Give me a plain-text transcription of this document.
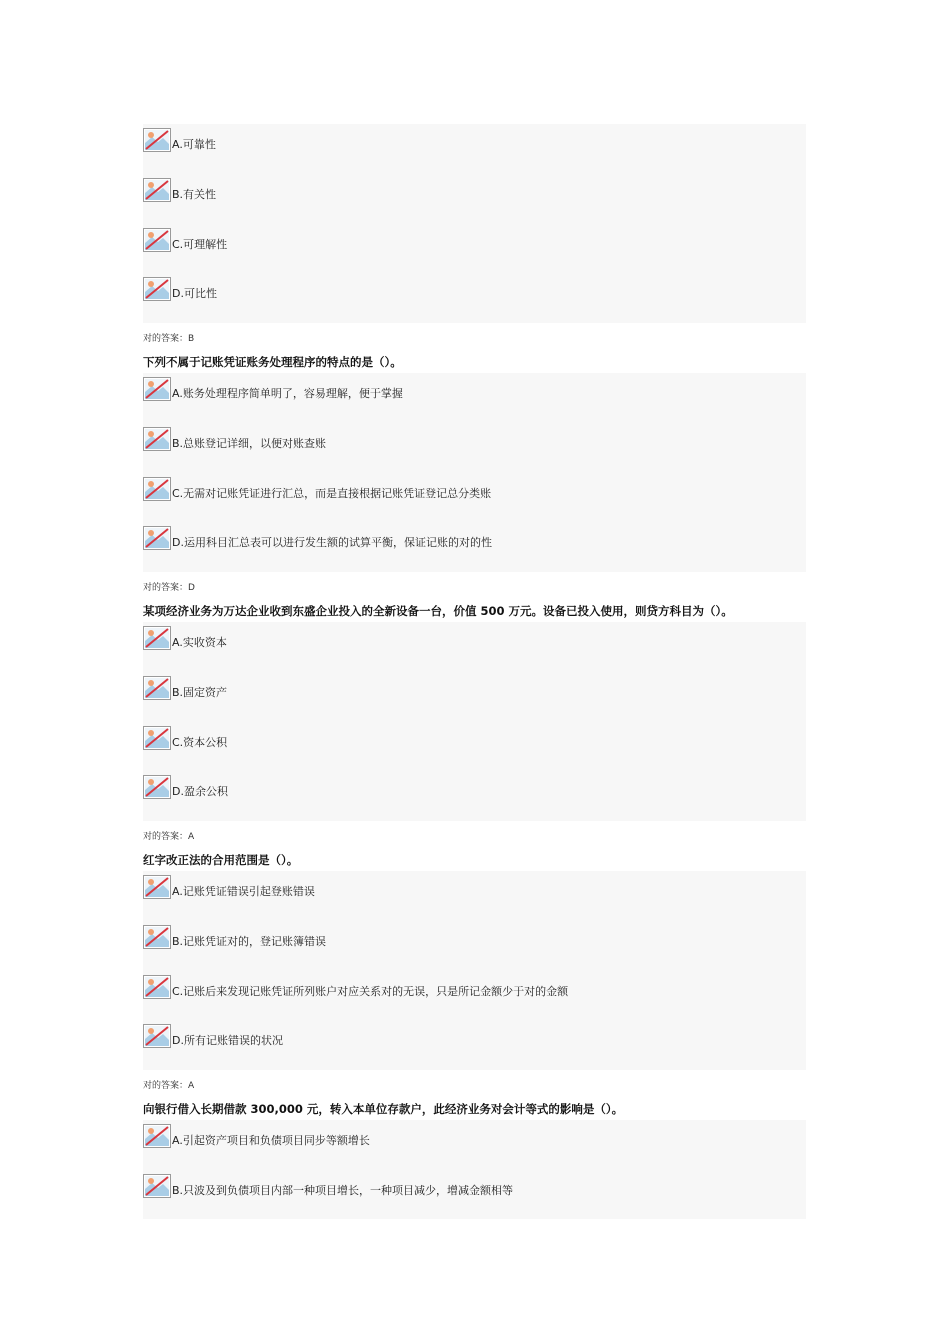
A.可靠性
B.有关性
C.可理解性
D.可比性
对的答案：B
下列不属于记账凭证账务处理程序的特点的是（）。
A.账务处理程序简单明了，容易理解，便于掌握
B.总账登记详细，以便对账查账
C.无需对记账凭证进行汇总，而是直接根据记账凭证登记总分类账
D.运用科目汇总表可以进行发生额的试算平衡，保证记账的对的性
对的答案：D
某项经济业务为万达企业收到东盛企业投入的全新设备一台，价值 500 万元。设备已投入使用，则贷方科目为（）。
A.实收资本
B.固定资产
C.资本公积
D.盈余公积
对的答案：A
红字改正法的合用范围是（）。
A.记账凭证错误引起登账错误
B.记账凭证对的，登记账簿错误
C.记账后来发现记账凭证所列账户对应关系对的无误，只是所记金额少于对的金额
D.所有记账错误的状况
对的答案：A
向银行借入长期借款 300,000 元，转入本单位存款户，此经济业务对会计等式的影响是（）。
A.引起资产项目和负债项目同步等额增长
B.只波及到负债项目内部一种项目增长，一种项目减少，增减金额相等
